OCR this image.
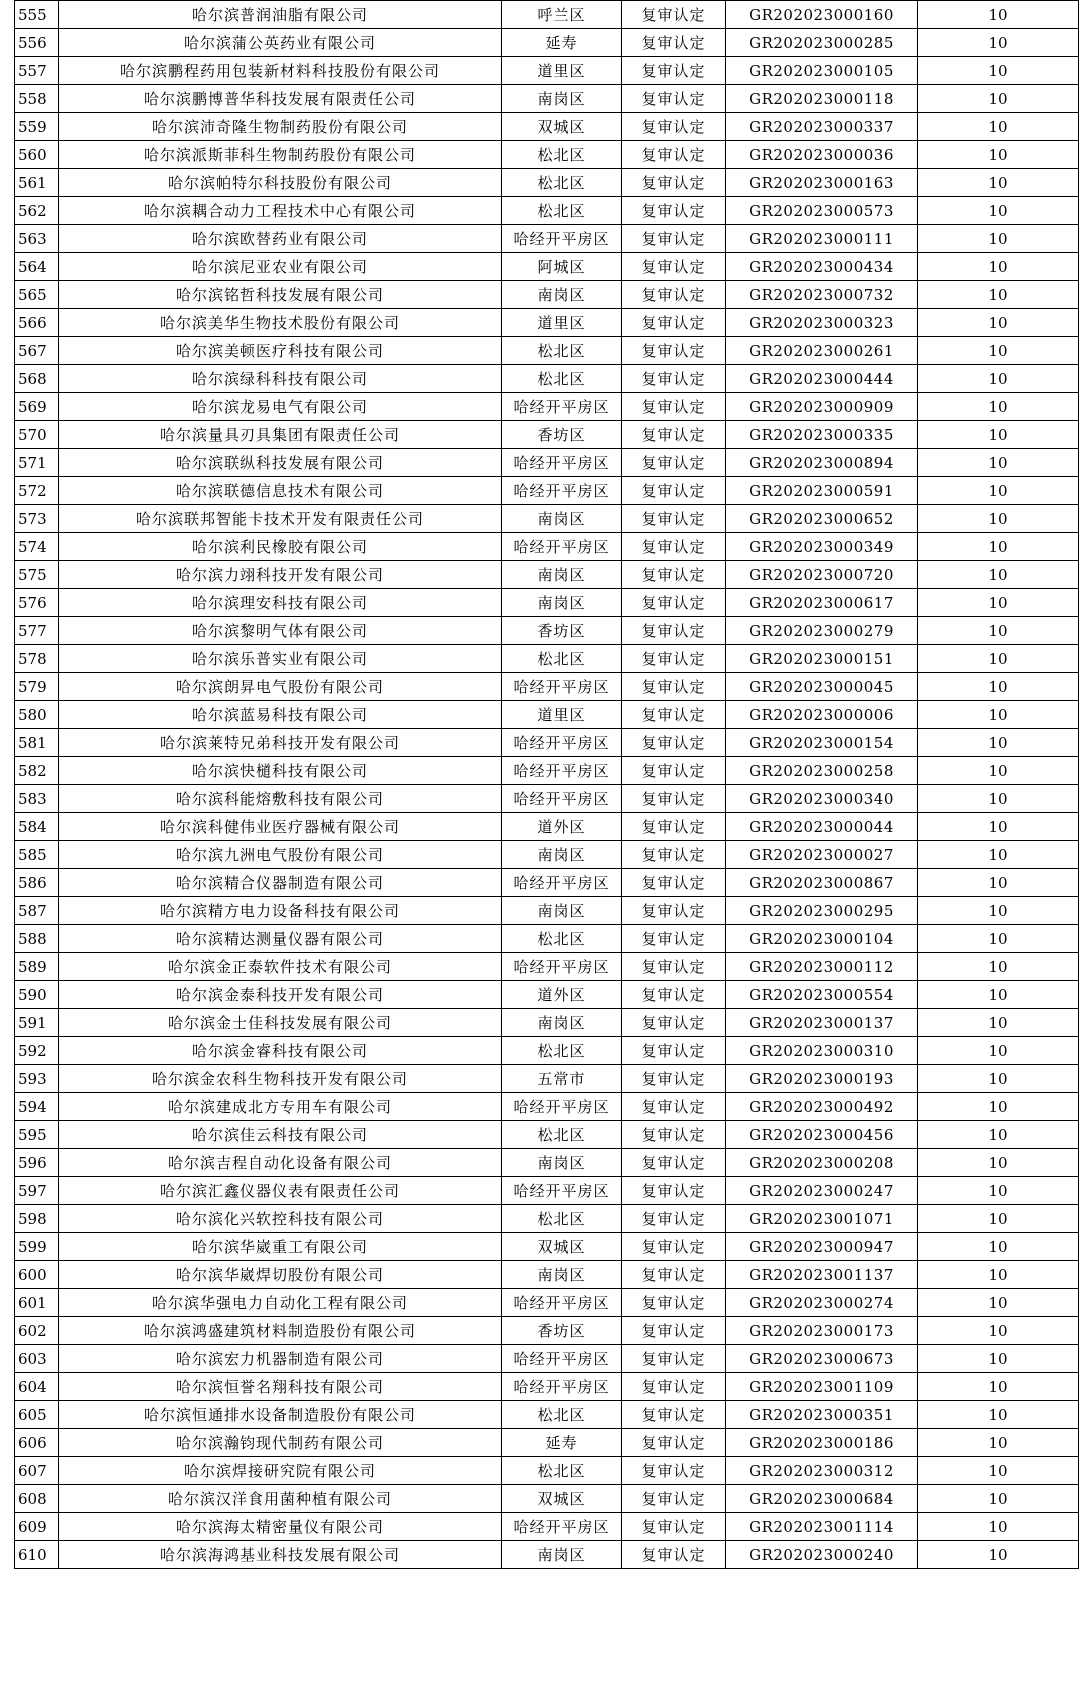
555	哈尔滨普润油脂有限公司	呼兰区	复审认定	GR202023000160	10
556	哈尔滨蒲公英药业有限公司	延寿	复审认定	GR202023000285	10
557	哈尔滨鹏程药用包装新材料科技股份有限公司	道里区	复审认定	GR202023000105	10
558	哈尔滨鹏博普华科技发展有限责任公司	南岗区	复审认定	GR202023000118	10
559	哈尔滨沛奇隆生物制药股份有限公司	双城区	复审认定	GR202023000337	10
560	哈尔滨派斯菲科生物制药股份有限公司	松北区	复审认定	GR202023000036	10
561	哈尔滨帕特尔科技股份有限公司	松北区	复审认定	GR202023000163	10
562	哈尔滨耦合动力工程技术中心有限公司	松北区	复审认定	GR202023000573	10
563	哈尔滨欧替药业有限公司	哈经开平房区	复审认定	GR202023000111	10
564	哈尔滨尼亚农业有限公司	阿城区	复审认定	GR202023000434	10
565	哈尔滨铭哲科技发展有限公司	南岗区	复审认定	GR202023000732	10
566	哈尔滨美华生物技术股份有限公司	道里区	复审认定	GR202023000323	10
567	哈尔滨美顿医疗科技有限公司	松北区	复审认定	GR202023000261	10
568	哈尔滨绿科科技有限公司	松北区	复审认定	GR202023000444	10
569	哈尔滨龙易电气有限公司	哈经开平房区	复审认定	GR202023000909	10
570	哈尔滨量具刃具集团有限责任公司	香坊区	复审认定	GR202023000335	10
571	哈尔滨联纵科技发展有限公司	哈经开平房区	复审认定	GR202023000894	10
572	哈尔滨联德信息技术有限公司	哈经开平房区	复审认定	GR202023000591	10
573	哈尔滨联邦智能卡技术开发有限责任公司	南岗区	复审认定	GR202023000652	10
574	哈尔滨利民橡胶有限公司	哈经开平房区	复审认定	GR202023000349	10
575	哈尔滨力翊科技开发有限公司	南岗区	复审认定	GR202023000720	10
576	哈尔滨理安科技有限公司	南岗区	复审认定	GR202023000617	10
577	哈尔滨黎明气体有限公司	香坊区	复审认定	GR202023000279	10
578	哈尔滨乐普实业有限公司	松北区	复审认定	GR202023000151	10
579	哈尔滨朗昇电气股份有限公司	哈经开平房区	复审认定	GR202023000045	10
580	哈尔滨蓝易科技有限公司	道里区	复审认定	GR202023000006	10
581	哈尔滨莱特兄弟科技开发有限公司	哈经开平房区	复审认定	GR202023000154	10
582	哈尔滨快檤科技有限公司	哈经开平房区	复审认定	GR202023000258	10
583	哈尔滨科能熔敷科技有限公司	哈经开平房区	复审认定	GR202023000340	10
584	哈尔滨科健伟业医疗器械有限公司	道外区	复审认定	GR202023000044	10
585	哈尔滨九洲电气股份有限公司	南岗区	复审认定	GR202023000027	10
586	哈尔滨精合仪器制造有限公司	哈经开平房区	复审认定	GR202023000867	10
587	哈尔滨精方电力设备科技有限公司	南岗区	复审认定	GR202023000295	10
588	哈尔滨精达测量仪器有限公司	松北区	复审认定	GR202023000104	10
589	哈尔滨金正泰软件技术有限公司	哈经开平房区	复审认定	GR202023000112	10
590	哈尔滨金泰科技开发有限公司	道外区	复审认定	GR202023000554	10
591	哈尔滨金士佳科技发展有限公司	南岗区	复审认定	GR202023000137	10
592	哈尔滨金睿科技有限公司	松北区	复审认定	GR202023000310	10
593	哈尔滨金农科生物科技开发有限公司	五常市	复审认定	GR202023000193	10
594	哈尔滨建成北方专用车有限公司	哈经开平房区	复审认定	GR202023000492	10
595	哈尔滨佳云科技有限公司	松北区	复审认定	GR202023000456	10
596	哈尔滨吉程自动化设备有限公司	南岗区	复审认定	GR202023000208	10
597	哈尔滨汇鑫仪器仪表有限责任公司	哈经开平房区	复审认定	GR202023000247	10
598	哈尔滨化兴软控科技有限公司	松北区	复审认定	GR202023001071	10
599	哈尔滨华崴重工有限公司	双城区	复审认定	GR202023000947	10
600	哈尔滨华崴焊切股份有限公司	南岗区	复审认定	GR202023001137	10
601	哈尔滨华强电力自动化工程有限公司	哈经开平房区	复审认定	GR202023000274	10
602	哈尔滨鸿盛建筑材料制造股份有限公司	香坊区	复审认定	GR202023000173	10
603	哈尔滨宏力机器制造有限公司	哈经开平房区	复审认定	GR202023000673	10
604	哈尔滨恒誉名翔科技有限公司	哈经开平房区	复审认定	GR202023001109	10
605	哈尔滨恒通排水设备制造股份有限公司	松北区	复审认定	GR202023000351	10
606	哈尔滨瀚钧现代制药有限公司	延寿	复审认定	GR202023000186	10
607	哈尔滨焊接研究院有限公司	松北区	复审认定	GR202023000312	10
608	哈尔滨汉洋食用菌种植有限公司	双城区	复审认定	GR202023000684	10
609	哈尔滨海太精密量仪有限公司	哈经开平房区	复审认定	GR202023001114	10
610	哈尔滨海鸿基业科技发展有限公司	南岗区	复审认定	GR202023000240	10
